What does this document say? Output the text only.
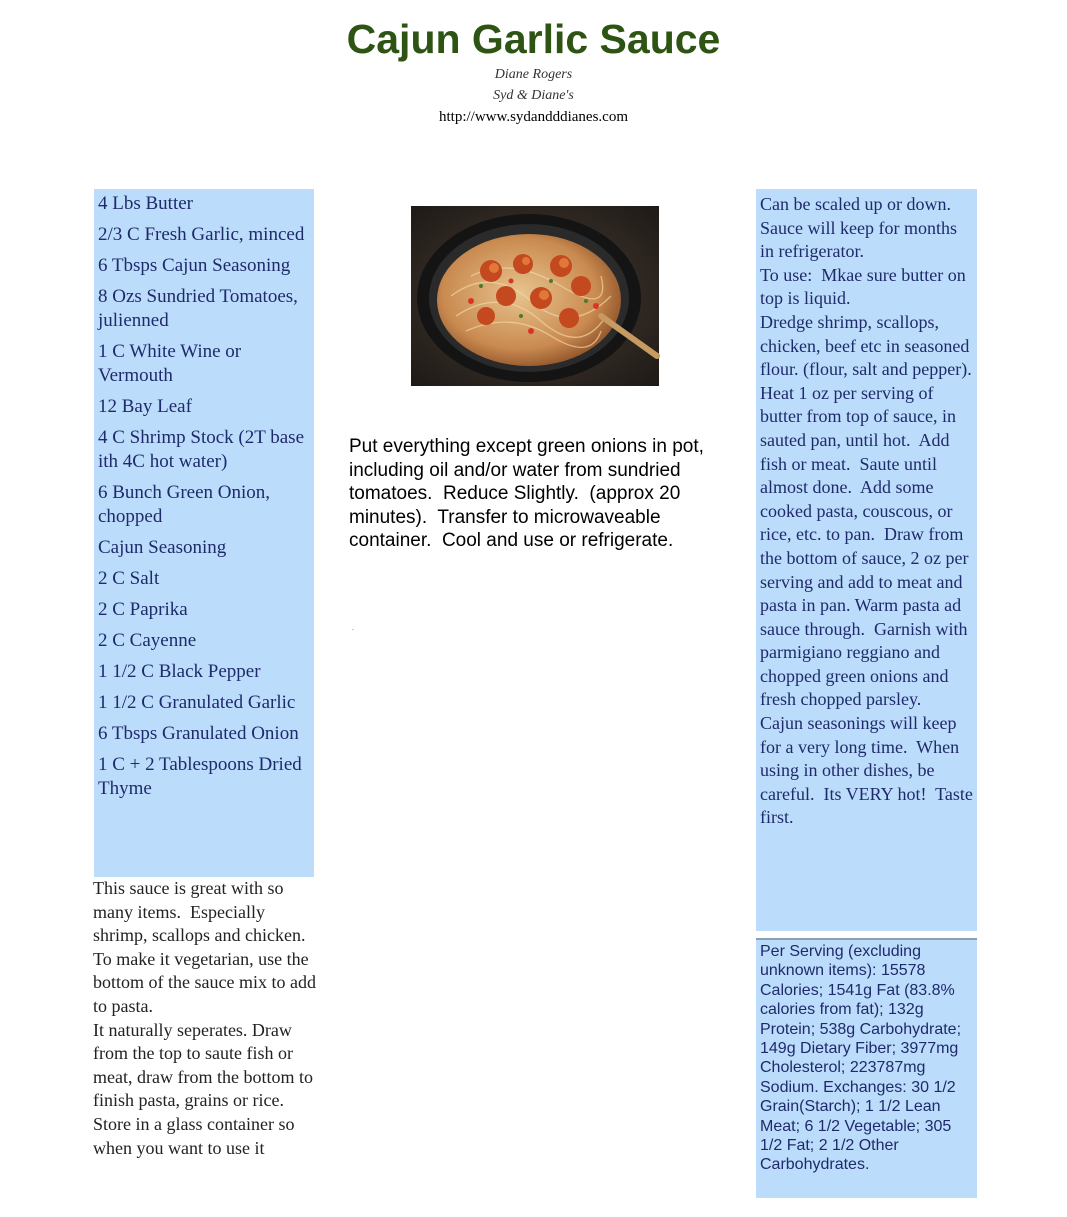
Cajun Garlic Sauce
Diane Rogers
Syd & Diane's
http://www.sydandddianes.com
4 Lbs Butter
2/3 C Fresh Garlic, minced
6 Tbsps Cajun Seasoning
8 Ozs Sundried Tomatoes, julienned
1 C White Wine or Vermouth
12 Bay Leaf
4 C Shrimp Stock (2T base ith 4C hot water)
6 Bunch Green Onion, chopped
Cajun Seasoning
2 C Salt
2 C Paprika
2 C Cayenne
1 1/2 C Black Pepper
1 1/2 C Granulated Garlic
6 Tbsps Granulated Onion
1 C + 2 Tablespoons Dried Thyme
This sauce is great with so many items.  Especially shrimp, scallops and chicken.  To make it vegetarian, use the bottom of the sauce mix to add to pasta.
It naturally seperates. Draw from the top to saute fish or meat, draw from the bottom to finish pasta, grains or rice.
Store in a glass container so when you want to use it
Put everything except green onions in pot, including oil and/or water from sundried tomatoes.  Reduce Slightly.  (approx 20 minutes).  Transfer to microwaveable container.  Cool and use or refrigerate.
Can be scaled up or down.  Sauce will keep for months in refrigerator.
To use:  Mkae sure butter on top is liquid.
Dredge shrimp, scallops, chicken, beef etc in seasoned flour. (flour, salt and pepper).  Heat 1 oz per serving of butter from top of sauce, in sauted pan, until hot.  Add fish or meat.  Saute until almost done.  Add some cooked pasta, couscous, or rice, etc. to pan.  Draw from the bottom of sauce, 2 oz per serving and add to meat and pasta in pan. Warm pasta ad sauce through.  Garnish with parmigiano reggiano and chopped green onions and fresh chopped parsley.
Cajun seasonings will keep for a very long time.  When using in other dishes, be careful.  Its VERY hot!  Taste first.
Per Serving (excluding unknown items): 15578 Calories; 1541g Fat (83.8% calories from fat); 132g Protein; 538g Carbohydrate; 149g Dietary Fiber; 3977mg Cholesterol; 223787mg Sodium. Exchanges: 30 1/2 Grain(Starch); 1 1/2 Lean Meat; 6 1/2 Vegetable; 305 1/2 Fat; 2 1/2 Other Carbohydrates.
